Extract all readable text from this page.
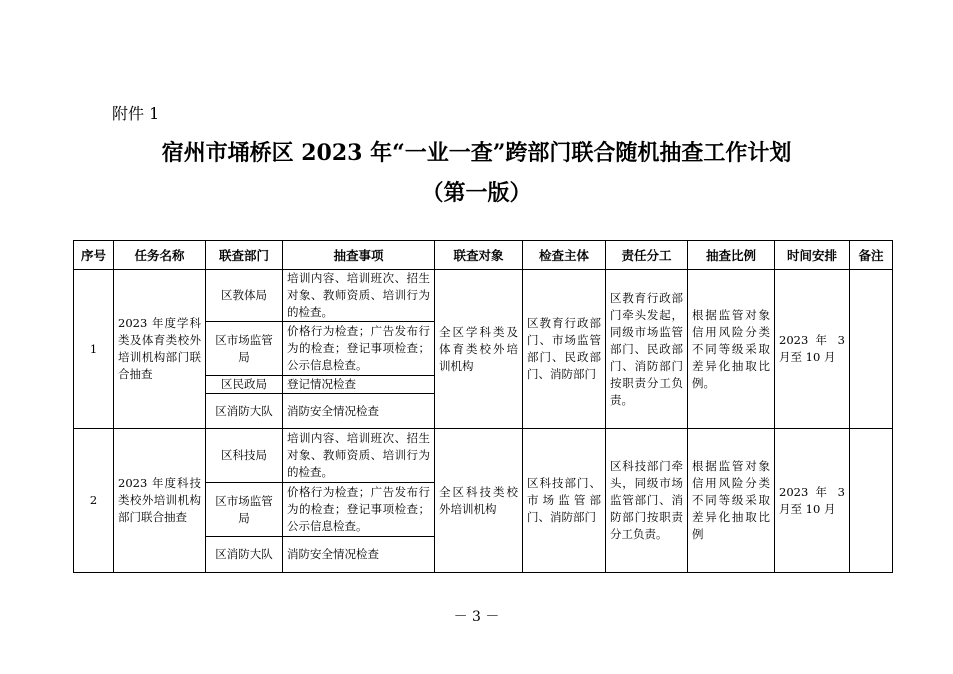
附件 1
宿州市埇桥区 2023 年“一业一查”跨部门联合随机抽查工作计划
（第一版）
序号	任务名称	联查部门	抽查事项	联查对象	检查主体	责任分工	抽查比例	时间安排	备注
1	2023 年度学科类及体育类校外培训机构部门联合抽查	区教体局	培训内容、培训班次、招生对象、教师资质、培训行为的检查。	全区学科类及体育类校外培训机构	区教育行政部门、市场监管部门、民政部门、消防部门	区教育行政部门牵头发起，同级市场监管部门、民政部门、消防部门按职责分工负责。	根据监管对象信用风险分类不同等级采取差异化抽取比例。	2023 年 3 月至 10 月	
		区市场监管局	价格行为检查；广告发布行为的检查；登记事项检查；公示信息检查。						
		区民政局	登记情况检查						
		区消防大队	消防安全情况检查						
2	2023 年度科技类校外培训机构部门联合抽查	区科技局	培训内容、培训班次、招生对象、教师资质、培训行为的检查。	全区科技类校外培训机构	区科技部门、市场监管部门、消防部门	区科技部门牵头，同级市场监管部门、消防部门按职责分工负责。	根据监管对象信用风险分类不同等级采取差异化抽取比例	2023 年 3 月至 10 月	
		区市场监管局	价格行为检查；广告发布行为的检查；登记事项检查；公示信息检查。						
		区消防大队	消防安全情况检查						
－ 3 －
